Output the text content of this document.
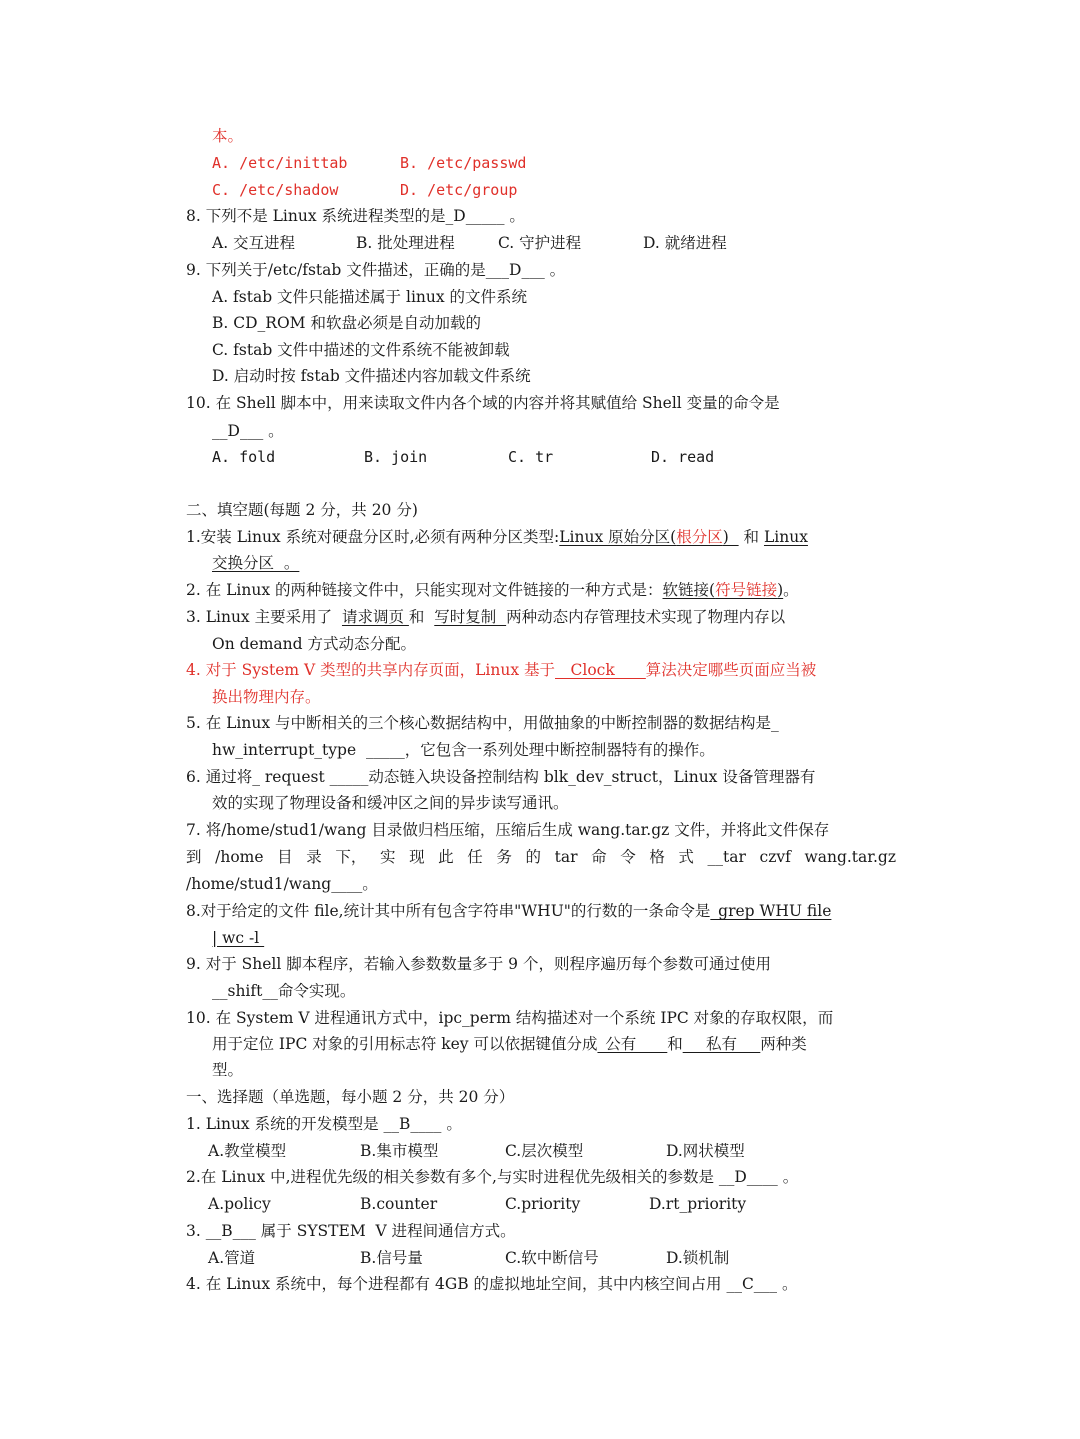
本。
A. /etc/inittab	B. /etc/passwd
C. /etc/shadow	D. /etc/group
8. 下列不是 Linux 系统进程类型的是_D_____ 。
A. 交互进程	B. 批处理进程	C. 守护进程	D. 就绪进程
9. 下列关于/etc/fstab 文件描述，正确的是___D___ 。
A. fstab 文件只能描述属于 linux 的文件系统
B. CD_ROM 和软盘必须是自动加载的
C. fstab 文件中描述的文件系统不能被卸载
D. 启动时按 fstab 文件描述内容加载文件系统
10. 在 Shell 脚本中，用来读取文件内各个域的内容并将其赋值给 Shell 变量的命令是
__D___ 。
A. fold	B. join	C. tr	D. read
二、填空题(每题 2 分，共 20 分)
1.安装 Linux 系统对硬盘分区时,必须有两种分区类型:Linux 原始分区(根分区)   和 Linux
交换分区  。
2. 在 Linux 的两种链接文件中，只能实现对文件链接的一种方式是：软链接(符号链接)。
3. Linux 主要采用了  请求调页 和  写时复制  两种动态内存管理技术实现了物理内存以
On demand 方式动态分配。
4. 对于 System V 类型的共享内存页面，Linux 基于__Clock____算法决定哪些页面应当被
换出物理内存。
5. 在 Linux 与中断相关的三个核心数据结构中，用做抽象的中断控制器的数据结构是_
hw_interrupt_type  _____，它包含一系列处理中断控制器特有的操作。
6. 通过将_ request _____动态链入块设备控制结构 blk_dev_struct，Linux 设备管理器有
效的实现了物理设备和缓冲区之间的异步读写通讯。
7. 将/home/stud1/wang 目录做归档压缩，压缩后生成 wang.tar.gz 文件，并将此文件保存
到 /home 目 录 下， 实 现 此 任 务 的 tar 命 令 格 式 __tar czvf wang.tar.gz
/home/stud1/wang____。
8.对于给定的文件 file,统计其中所有包含字符串"WHU"的行数的一条命令是_grep WHU file
| wc -l
9. 对于 Shell 脚本程序，若输入参数数量多于 9 个，则程序遍历每个参数可通过使用
__shift__命令实现。
10. 在 System V 进程通讯方式中，ipc_perm 结构描述对一个系统 IPC 对象的存取权限，而
用于定位 IPC 对象的引用标志符 key 可以依据键值分成_公有____和___私有___两种类
型。
一、选择题（单选题，每小题 2 分，共 20 分）
1. Linux 系统的开发模型是 __B____ 。
A.教堂模型	B.集市模型	C.层次模型	D.网状模型
2.在 Linux 中,进程优先级的相关参数有多个,与实时进程优先级相关的参数是 __D____ 。
A.policy	B.counter	C.priority	D.rt_priority
3. __B___ 属于 SYSTEM  V 进程间通信方式。
A.管道	B.信号量	C.软中断信号	D.锁机制
4. 在 Linux 系统中，每个进程都有 4GB 的虚拟地址空间，其中内核空间占用 __C___ 。
